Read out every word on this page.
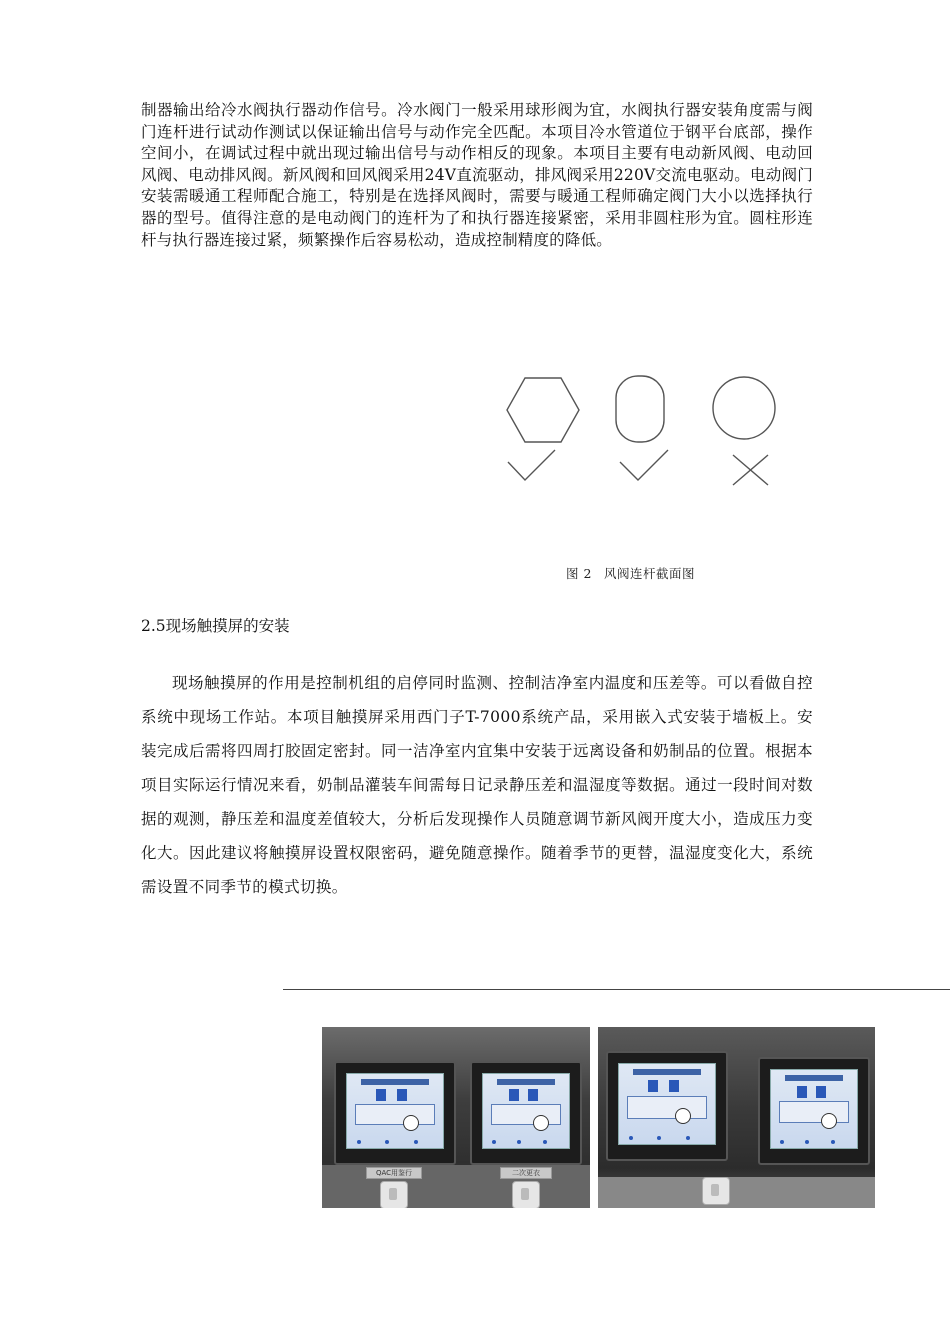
制器输出给冷水阀执行器动作信号。冷水阀门一般采用球形阀为宜，水阀执行器安装角度需与阀门连杆进行试动作测试以保证输出信号与动作完全匹配。本项目冷水管道位于钢平台底部，操作空间小，在调试过程中就出现过输出信号与动作相反的现象。本项目主要有电动新风阀、电动回风阀、电动排风阀。新风阀和回风阀采用24V直流驱动，排风阀采用220V交流电驱动。电动阀门安装需暖通工程师配合施工，特别是在选择风阀时，需要与暖通工程师确定阀门大小以选择执行器的型号。值得注意的是电动阀门的连杆为了和执行器连接紧密，采用非圆柱形为宜。圆柱形连杆与执行器连接过紧，频繁操作后容易松动，造成控制精度的降低。

图 2 风阀连杆截面图
2.5现场触摸屏的安装

现场触摸屏的作用是控制机组的启停同时监测、控制洁净室内温度和压差等。可以看做自控系统中现场工作站。本项目触摸屏采用西门子T-7000系统产品，采用嵌入式安装于墙板上。安装完成后需将四周打胶固定密封。同一洁净室内宜集中安装于远离设备和奶制品的位置。根据本项目实际运行情况来看，奶制品灌装车间需每日记录静压差和温湿度等数据。通过一段时间对数据的观测，静压差和温度差值较大，分析后发现操作人员随意调节新风阀开度大小，造成压力变化大。因此建议将触摸屏设置权限密码，避免随意操作。随着季节的更替，温湿度变化大，系统需设置不同季节的模式切换。

QAC用鉴行	二次更衣
